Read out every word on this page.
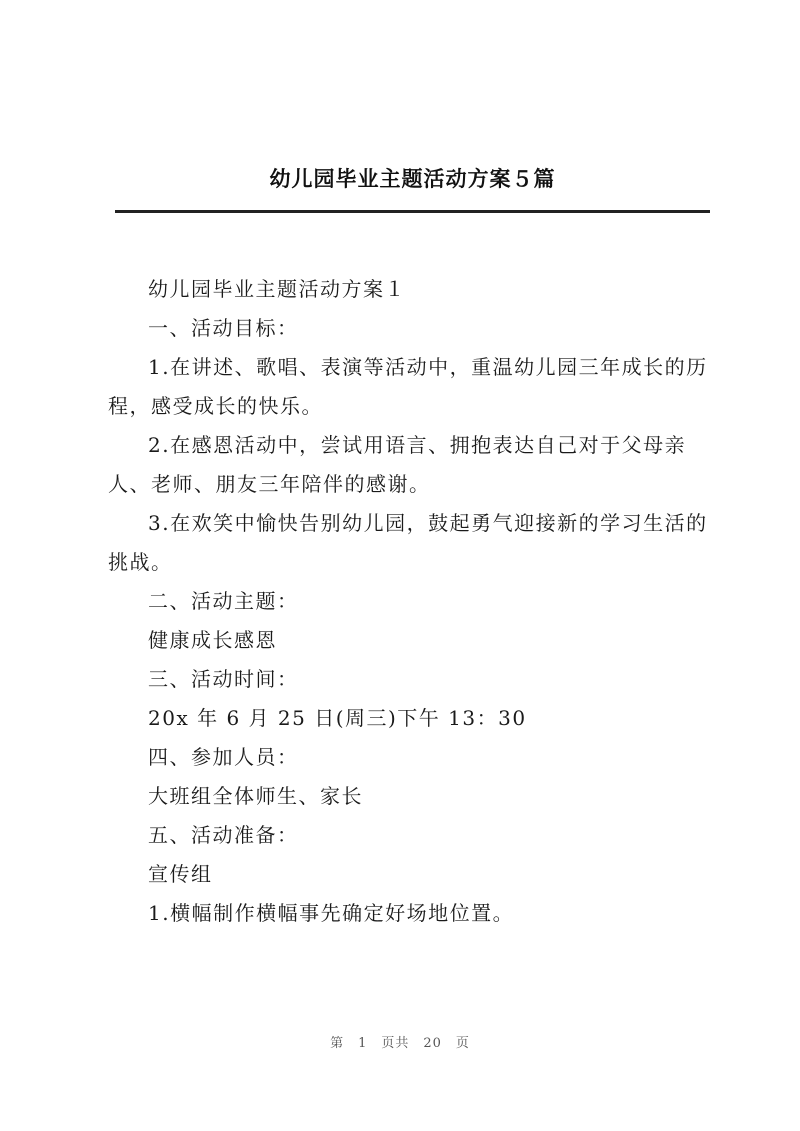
幼儿园毕业主题活动方案５篇

幼儿园毕业主题活动方案１

一、活动目标：

1.在讲述、歌唱、表演等活动中，重温幼儿园三年成长的历

程，感受成长的快乐。

2.在感恩活动中，尝试用语言、拥抱表达自己对于父母亲

人、老师、朋友三年陪伴的感谢。

3.在欢笑中愉快告别幼儿园，鼓起勇气迎接新的学习生活的

挑战。

二、活动主题：

健康成长感恩

三、活动时间：

20x 年 6 月 25 日(周三)下午 13：30

四、参加人员：

大班组全体师生、家长

五、活动准备：

宣传组

1.横幅制作横幅事先确定好场地位置。

第 1 页共 20 页
